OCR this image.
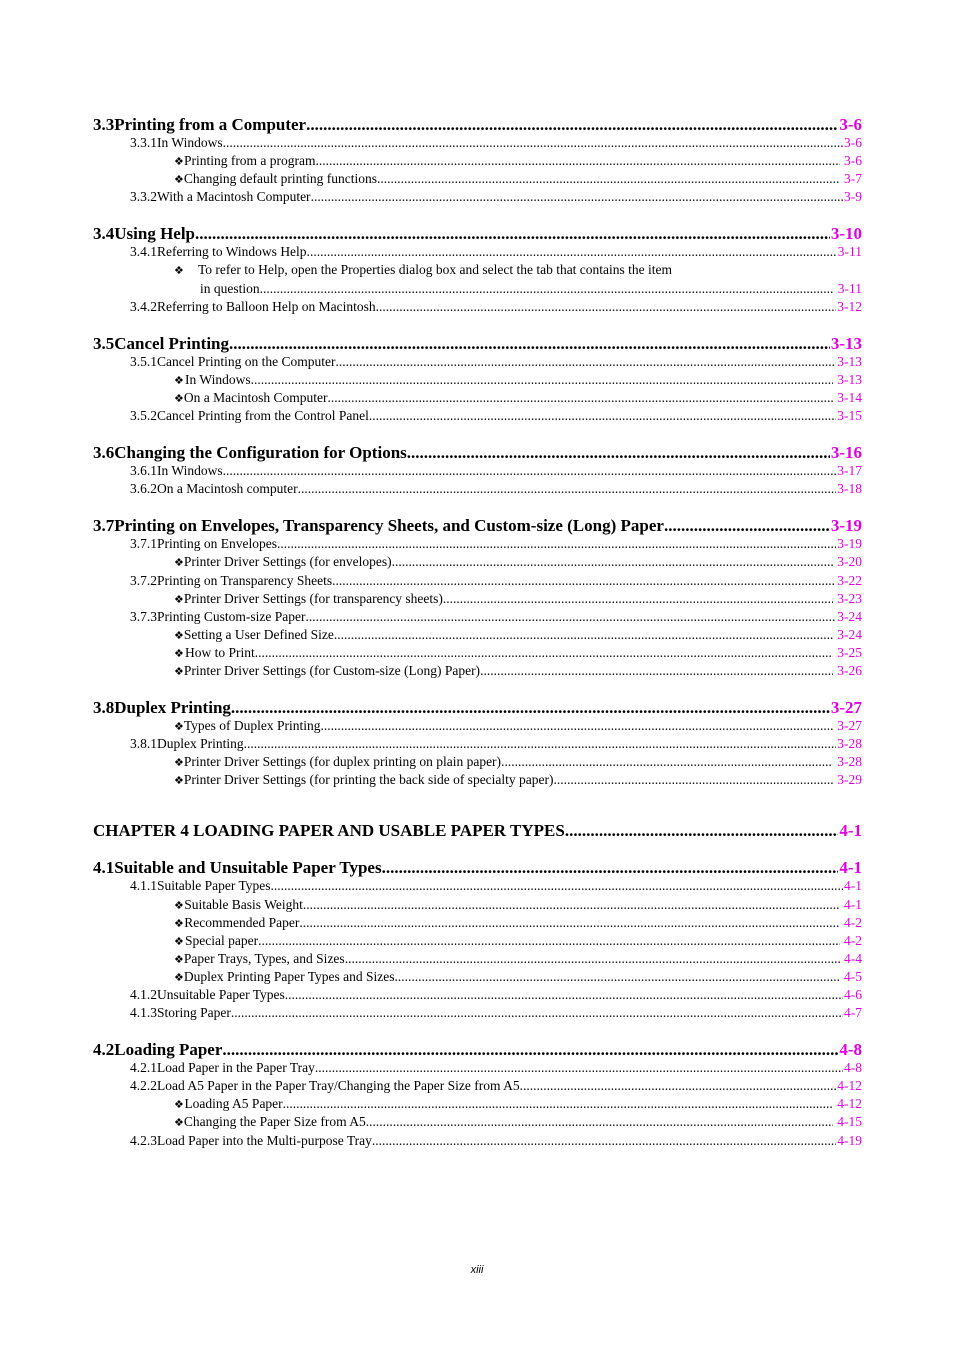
3.3 Printing from a Computer .....	3-6
3.3.1 In Windows .....	3-6
❖ Printing from a program .....	3-6
❖ Changing default printing functions .....	3-7
3.3.2 With a Macintosh Computer .....	3-9
3.4 Using Help .....	3-10
3.4.1 Referring to Windows Help. .....	3-11
❖	To refer to Help, open the Properties dialog box and select the tab that contains the item
in question. .....	3-11
3.4.2 Referring to Balloon Help on Macintosh .....	3-12
3.5 Cancel Printing .....	3-13
3.5.1 Cancel Printing on the Computer .....	3-13
❖ In Windows .....	3-13
❖ On a Macintosh Computer .....	3-14
3.5.2 Cancel Printing from the Control Panel .....	3-15
3.6 Changing the Configuration for Options .....	3-16
3.6.1 In Windows .....	3-17
3.6.2 On a Macintosh computer .....	3-18
3.7 Printing on Envelopes, Transparency Sheets, and Custom-size (Long) Paper .....	3-19
3.7.1 Printing on Envelopes .....	3-19
❖ Printer Driver Settings (for envelopes) .....	3-20
3.7.2 Printing on Transparency Sheets .....	3-22
❖ Printer Driver Settings (for transparency sheets) .....	3-23
3.7.3 Printing Custom-size Paper .....	3-24
❖ Setting a User Defined Size .....	3-24
❖ How to Print .....	3-25
❖ Printer Driver Settings (for Custom-size (Long) Paper) .....	3-26
3.8 Duplex Printing .....	3-27
❖ Types of Duplex Printing .....	3-27
3.8.1 Duplex Printing .....	3-28
❖ Printer Driver Settings (for duplex printing on plain paper) .....	3-28
❖ Printer Driver Settings (for printing the back side of specialty paper) .....	3-29
CHAPTER 4 LOADING PAPER AND USABLE PAPER TYPES .....	4-1
4.1 Suitable and Unsuitable Paper Types .....	4-1
4.1.1 Suitable Paper Types .....	4-1
❖ Suitable Basis Weight .....	4-1
❖ Recommended Paper .....	4-2
❖ Special paper .....	4-2
❖ Paper Trays, Types, and Sizes .....	4-4
❖ Duplex Printing Paper Types and Sizes .....	4-5
4.1.2 Unsuitable Paper Types .....	4-6
4.1.3 Storing Paper .....	4-7
4.2 Loading Paper .....	4-8
4.2.1 Load Paper in the Paper Tray .....	4-8
4.2.2 Load A5 Paper in the Paper Tray/Changing the Paper Size from A5 .....	4-12
❖ Loading A5 Paper .....	4-12
❖ Changing the Paper Size from A5 .....	4-15
4.2.3 Load Paper into the Multi-purpose Tray .....	4-19
xiii
